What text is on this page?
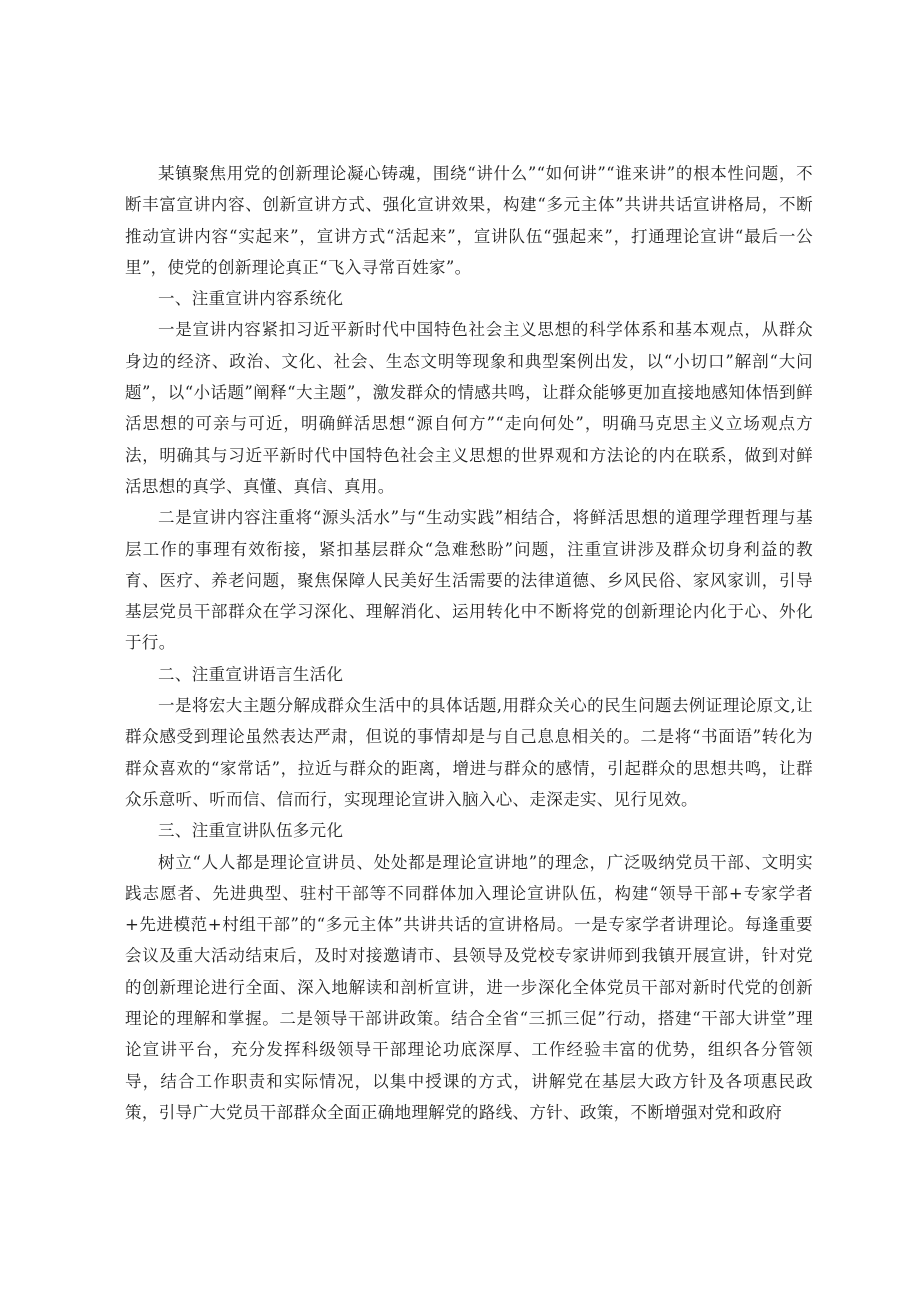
某镇聚焦用党的创新理论凝心铸魂，围绕“讲什么”“如何讲”“谁来讲”的根本性问题，不断丰富宣讲内容、创新宣讲方式、强化宣讲效果，构建“多元主体”共讲共话宣讲格局，不断推动宣讲内容“实起来”，宣讲方式“活起来”，宣讲队伍“强起来”，打通理论宣讲“最后一公里”，使党的创新理论真正“飞入寻常百姓家”。

一、注重宣讲内容系统化

一是宣讲内容紧扣习近平新时代中国特色社会主义思想的科学体系和基本观点，从群众身边的经济、政治、文化、社会、生态文明等现象和典型案例出发，以“小切口”解剖“大问题”，以“小话题”阐释“大主题”，激发群众的情感共鸣，让群众能够更加直接地感知体悟到鲜活思想的可亲与可近，明确鲜活思想“源自何方”“走向何处”，明确马克思主义立场观点方法，明确其与习近平新时代中国特色社会主义思想的世界观和方法论的内在联系，做到对鲜活思想的真学、真懂、真信、真用。

二是宣讲内容注重将“源头活水”与“生动实践”相结合，将鲜活思想的道理学理哲理与基层工作的事理有效衔接，紧扣基层群众“急难愁盼”问题，注重宣讲涉及群众切身利益的教育、医疗、养老问题，聚焦保障人民美好生活需要的法律道德、乡风民俗、家风家训，引导基层党员干部群众在学习深化、理解消化、运用转化中不断将党的创新理论内化于心、外化于行。

二、注重宣讲语言生活化

一是将宏大主题分解成群众生活中的具体话题,用群众关心的民生问题去例证理论原文,让群众感受到理论虽然表达严肃，但说的事情却是与自己息息相关的。二是将“书面语”转化为群众喜欢的“家常话”，拉近与群众的距离，增进与群众的感情，引起群众的思想共鸣，让群众乐意听、听而信、信而行，实现理论宣讲入脑入心、走深走实、见行见效。

三、注重宣讲队伍多元化

树立“人人都是理论宣讲员、处处都是理论宣讲地”的理念，广泛吸纳党员干部、文明实践志愿者、先进典型、驻村干部等不同群体加入理论宣讲队伍，构建“领导干部+专家学者+先进模范+村组干部”的“多元主体”共讲共话的宣讲格局。一是专家学者讲理论。每逢重要会议及重大活动结束后，及时对接邀请市、县领导及党校专家讲师到我镇开展宣讲，针对党的创新理论进行全面、深入地解读和剖析宣讲，进一步深化全体党员干部对新时代党的创新理论的理解和掌握。二是领导干部讲政策。结合全省“三抓三促”行动，搭建“干部大讲堂”理论宣讲平台，充分发挥科级领导干部理论功底深厚、工作经验丰富的优势，组织各分管领导，结合工作职责和实际情况，以集中授课的方式，讲解党在基层大政方针及各项惠民政策，引导广大党员干部群众全面正确地理解党的路线、方针、政策，不断增强对党和政府
